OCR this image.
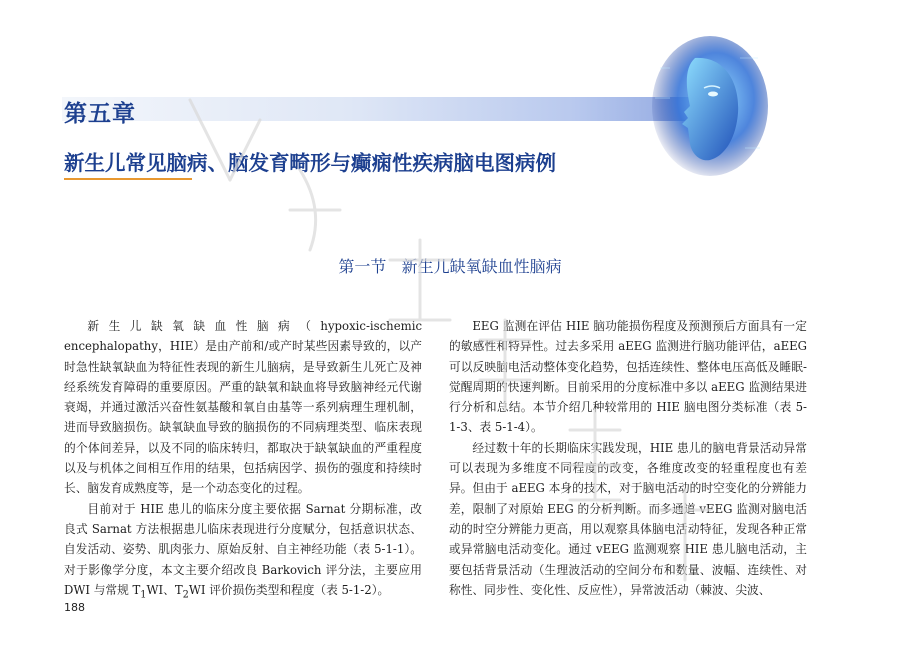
第五章
新生儿常见脑病、脑发育畸形与癫痫性疾病脑电图病例
第一节   新生儿缺氧缺血性脑病

新生儿缺氧缺血性脑病（hypoxic-ischemic encephalopathy，HIE）是由产前和/或产时某些因素导致的，以产时急性缺氧缺血为特征性表现的新生儿脑病，是导致新生儿死亡及神经系统发育障碍的重要原因。严重的缺氧和缺血将导致脑神经元代谢衰竭，并通过激活兴奋性氨基酸和氧自由基等一系列病理生理机制，进而导致脑损伤。缺氧缺血导致的脑损伤的不同病理类型、临床表现的个体间差异，以及不同的临床转归，都取决于缺氧缺血的严重程度以及与机体之间相互作用的结果，包括病因学、损伤的强度和持续时长、脑发育成熟度等，是一个动态变化的过程。

目前对于 HIE 患儿的临床分度主要依据 Sarnat 分期标准，改良式 Sarnat 方法根据患儿临床表现进行分度赋分，包括意识状态、自发活动、姿势、肌肉张力、原始反射、自主神经功能（表 5-1-1）。对于影像学分度，本文主要介绍改良 Barkovich 评分法，主要应用 DWI 与常规 $T_1WI$、$T_2WI$ 评价损伤类型和程度（表 5-1-2）。

EEG 监测在评估 HIE 脑功能损伤程度及预测预后方面具有一定的敏感性和特异性。过去多采用 aEEG 监测进行脑功能评估，aEEG 可以反映脑电活动整体变化趋势，包括连续性、整体电压高低及睡眠-觉醒周期的快速判断。目前采用的分度标准中多以 aEEG 监测结果进行分析和总结。本节介绍几种较常用的 HIE 脑电图分类标准（表 5-1-3、表 5-1-4）。

经过数十年的长期临床实践发现，HIE 患儿的脑电背景活动异常可以表现为多维度不同程度的改变，各维度改变的轻重程度也有差异。但由于 aEEG 本身的技术，对于脑电活动的时空变化的分辨能力差，限制了对原始 EEG 的分析判断。而多通道 vEEG 监测对脑电活动的时空分辨能力更高，用以观察具体脑电活动特征，发现各种正常或异常脑电活动变化。通过 vEEG 监测观察 HIE 患儿脑电活动，主要包括背景活动（生理波活动的空间分布和数量、波幅、连续性、对称性、同步性、变化性、反应性），异常波活动（棘波、尖波、

188
